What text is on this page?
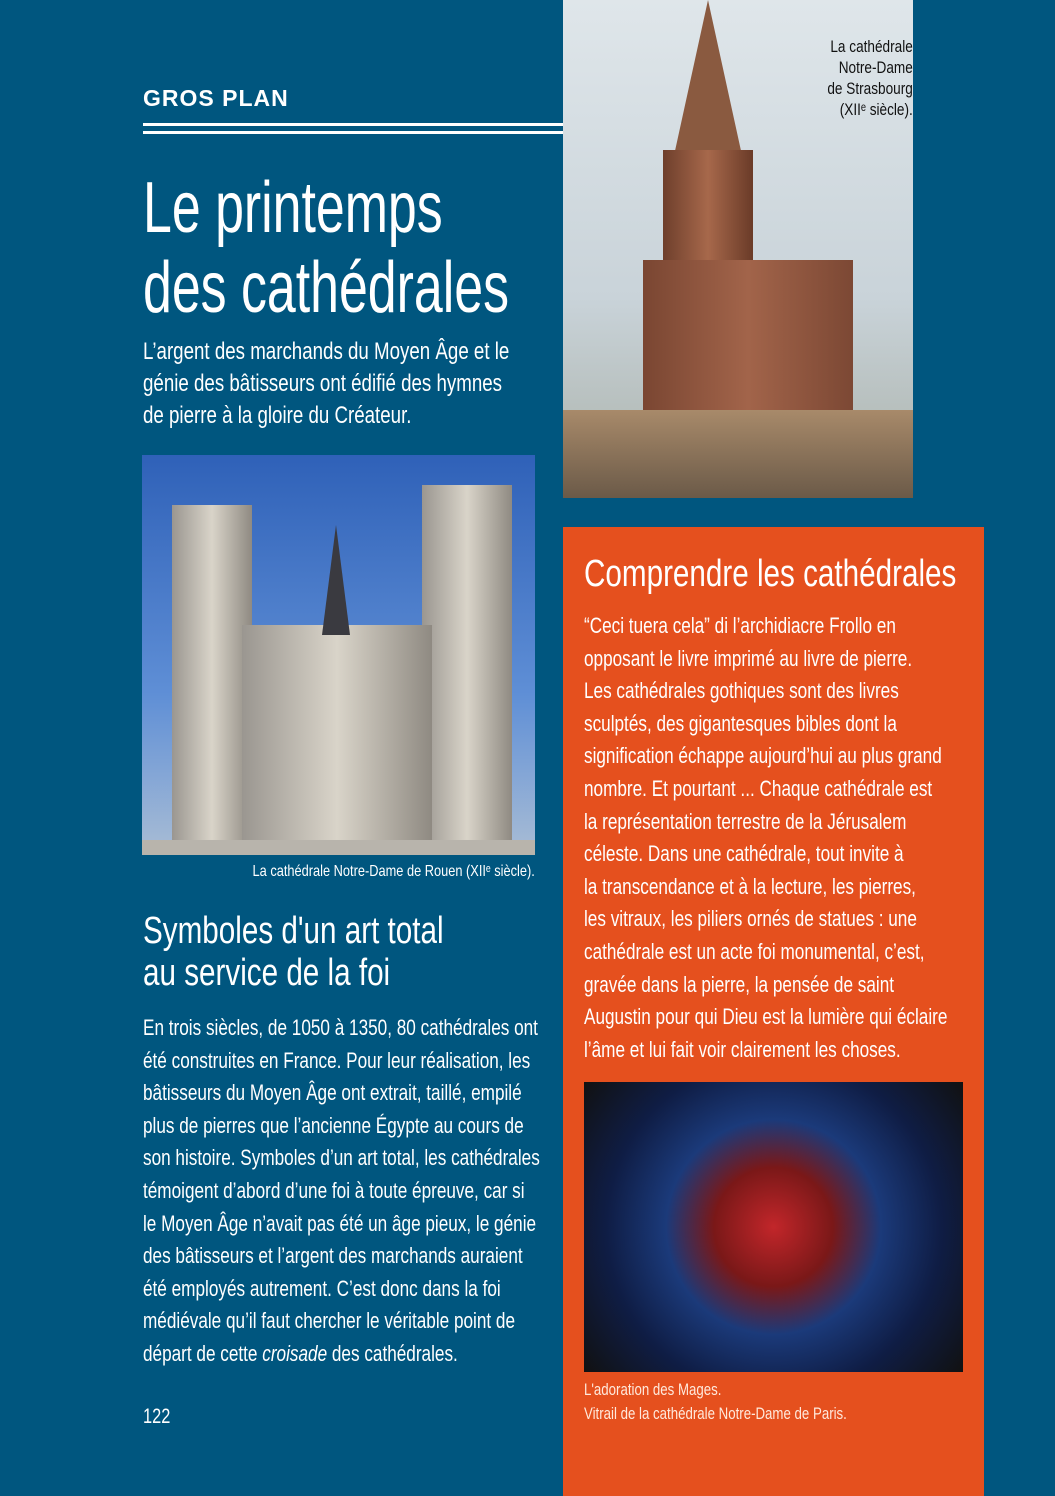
GROS PLAN
Le printemps
des cathédrales
L’argent des marchands du Moyen Âge et le
génie des bâtisseurs ont édifié des hymnes
de pierre à la gloire du Créateur.
La cathédrale
Notre-Dame
de Strasbourg
(XIIᵉ siècle).
La cathédrale Notre-Dame de Rouen (XIIᵉ siècle).
Symboles d'un art total
au service de la foi
En trois siècles, de 1050 à 1350, 80 cathédrales ont
été construites en France. Pour leur réalisation, les
bâtisseurs du Moyen Âge ont extrait, taillé, empilé
plus de pierres que l’ancienne Égypte au cours de
son histoire. Symboles d’un art total, les cathédrales
témoigent d’abord d’une foi à toute épreuve, car si
le Moyen Âge n’avait pas été un âge pieux, le génie
des bâtisseurs et l’argent des marchands auraient
été employés autrement. C’est donc dans la foi
médiévale qu’il faut chercher le véritable point de
départ de cette croisade des cathédrales.
122
Comprendre les cathédrales
“Ceci tuera cela” di l’archidiacre Frollo en
opposant le livre imprimé au livre de pierre.
Les cathédrales gothiques sont des livres
sculptés, des gigantesques bibles dont la
signification échappe aujourd’hui au plus grand
nombre. Et pourtant ... Chaque cathédrale est
la représentation terrestre de la Jérusalem
céleste. Dans une cathédrale, tout invite à
la transcendance et à la lecture, les pierres,
les vitraux, les piliers ornés de statues : une
cathédrale est un acte foi monumental, c’est,
gravée dans la pierre, la pensée de saint
Augustin pour qui Dieu est la lumière qui éclaire
l’âme et lui fait voir clairement les choses.
L'adoration des Mages.
Vitrail de la cathédrale Notre-Dame de Paris.
